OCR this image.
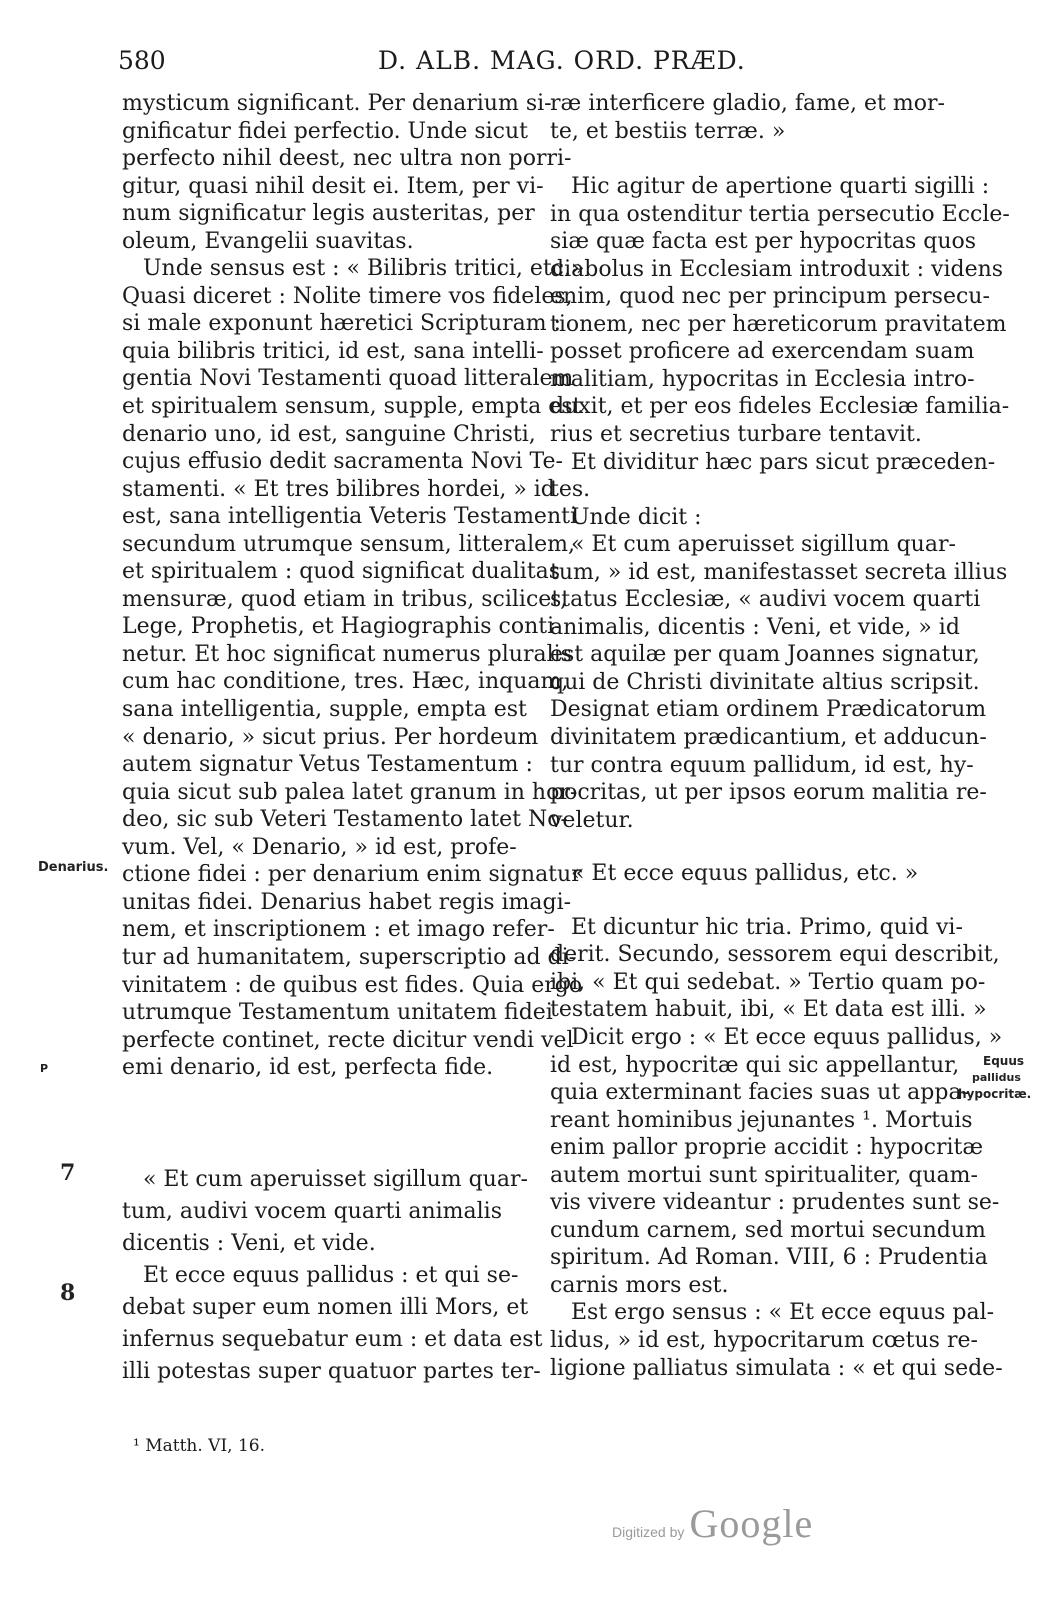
580	D. ALB. MAG. ORD. PRÆD.
mysticum significant. Per denarium si-
gnificatur fidei perfectio. Unde sicut
perfecto nihil deest, nec ultra non porri-
gitur, quasi nihil desit ei. Item, per vi-
num significatur legis austeritas, per
oleum, Evangelii suavitas.
Unde sensus est : « Bilibris tritici, etc.»
Quasi diceret : Nolite timere vos fideles,
si male exponunt hæretici Scripturam :
quia bilibris tritici, id est, sana intelli-
gentia Novi Testamenti quoad litteralem
et spiritualem sensum, supple, empta est
denario uno, id est, sanguine Christi,
cujus effusio dedit sacramenta Novi Te-
stamenti. « Et tres bilibres hordei, » id
est, sana intelligentia Veteris Testamenti
secundum utrumque sensum, litteralem,
et spiritualem : quod significat dualitas
mensuræ, quod etiam in tribus, scilicet,
Lege, Prophetis, et Hagiographis conti-
netur. Et hoc significat numerus pluralis
cum hac conditione, tres. Hæc, inquam,
sana intelligentia, supple, empta est
« denario, » sicut prius. Per hordeum
autem signatur Vetus Testamentum :
quia sicut sub palea latet granum in hor-
deo, sic sub Veteri Testamento latet No-
vum. Vel, « Denario, » id est, profe-
ctione fidei : per denarium enim signatur
unitas fidei. Denarius habet regis imagi-
nem, et inscriptionem : et imago refer-
tur ad humanitatem, superscriptio ad di-
vinitatem : de quibus est fides. Quia ergo
utrumque Testamentum unitatem fidei
perfecte continet, recte dicitur vendi vel
emi denario, id est, perfecta fide.
« Et cum aperuisset sigillum quar-
tum, audivi vocem quarti animalis
dicentis : Veni, et vide.
Et ecce equus pallidus : et qui se-
debat super eum nomen illi Mors, et
infernus sequebatur eum : et data est
illi potestas super quatuor partes ter-
ræ interficere gladio, fame, et mor-
te, et bestiis terræ. »
Hic agitur de apertione quarti sigilli :
in qua ostenditur tertia persecutio Eccle-
siæ quæ facta est per hypocritas quos
diabolus in Ecclesiam introduxit : videns
enim, quod nec per principum persecu-
tionem, nec per hæreticorum pravitatem
posset proficere ad exercendam suam
malitiam, hypocritas in Ecclesia intro-
duxit, et per eos fideles Ecclesiæ familia-
rius et secretius turbare tentavit.
Et dividitur hæc pars sicut præceden-
tes.
Unde dicit :
« Et cum aperuisset sigillum quar-
tum, » id est, manifestasset secreta illius
status Ecclesiæ, « audivi vocem quarti
animalis, dicentis : Veni, et vide, » id
est aquilæ per quam Joannes signatur,
qui de Christi divinitate altius scripsit.
Designat etiam ordinem Prædicatorum
divinitatem prædicantium, et adducun-
tur contra equum pallidum, id est, hy-
pocritas, ut per ipsos eorum malitia re-
veletur.
« Et ecce equus pallidus, etc. »
Et dicuntur hic tria. Primo, quid vi-
derit. Secundo, sessorem equi describit,
ibi, « Et qui sedebat. » Tertio quam po-
testatem habuit, ibi, « Et data est illi. »
Dicit ergo : « Et ecce equus pallidus, »
id est, hypocritæ qui sic appellantur,
quia exterminant facies suas ut appa-
reant hominibus jejunantes ¹. Mortuis
enim pallor proprie accidit : hypocritæ
autem mortui sunt spiritualiter, quam-
vis vivere videantur : prudentes sunt se-
cundum carnem, sed mortui secundum
spiritum. Ad Roman. VIII, 6 : Prudentia
carnis mors est.
Est ergo sensus : « Et ecce equus pal-
lidus, » id est, hypocritarum cœtus re-
ligione palliatus simulata : « et qui sede-
Denarius.
P
7
8
Equus
pallidus
hypocritæ.
¹ Matth. VI, 16.
Digitized by Google
